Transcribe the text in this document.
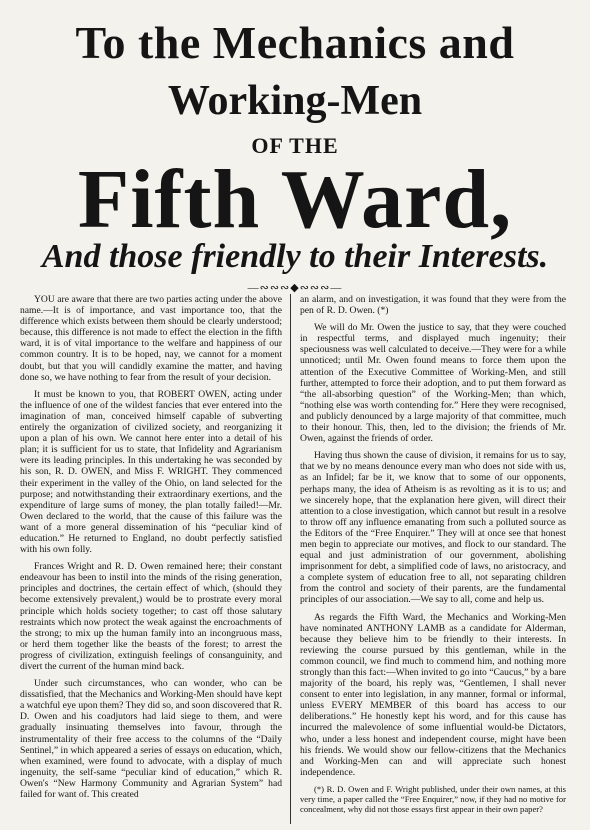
To the Mechanics and
Working-Men
OF THE
Fifth Ward,
And those friendly to their Interests.
—∾∾∾◆∾∾∾—

YOU are aware that there are two parties acting under the above name.—It is of importance, and vast importance too, that the difference which exists between them should be clearly understood; because, this difference is not made to effect the election in the fifth ward, it is of vital importance to the welfare and happiness of our common country. It is to be hoped, nay, we cannot for a moment doubt, but that you will candidly examine the matter, and having done so, we have nothing to fear from the result of your decision.

It must be known to you, that ROBERT OWEN, acting under the influence of one of the wildest fancies that ever entered into the imagination of man, conceived himself capable of subverting entirely the organization of civilized society, and reorganizing it upon a plan of his own. We cannot here enter into a detail of his plan; it is sufficient for us to state, that Infidelity and Agrarianism were its leading principles. In this undertaking he was seconded by his son, R. D. OWEN, and Miss F. WRIGHT. They commenced their experiment in the valley of the Ohio, on land selected for the purpose; and notwithstanding their extraordinary exertions, and the expenditure of large sums of money, the plan totally failed!—Mr. Owen declared to the world, that the cause of this failure was the want of a more general dissemination of his “peculiar kind of education.” He returned to England, no doubt perfectly satisfied with his own folly.

Frances Wright and R. D. Owen remained here; their constant endeavour has been to instil into the minds of the rising generation, principles and doctrines, the certain effect of which, (should they become extensively prevalent,) would be to prostrate every moral principle which holds society together; to cast off those salutary restraints which now protect the weak against the encroachments of the strong; to mix up the human family into an incongruous mass, or herd them together like the beasts of the forest; to arrest the progress of civilization, extinguish feelings of consanguinity, and divert the current of the human mind back.

Under such circumstances, who can wonder, who can be dissatisfied, that the Mechanics and Working-Men should have kept a watchful eye upon them? They did so, and soon discovered that R. D. Owen and his coadjutors had laid siege to them, and were gradually insinuating themselves into favour, through the instrumentality of their free access to the columns of the “Daily Sentinel,” in which appeared a series of essays on education, which, when examined, were found to advocate, with a display of much ingenuity, the self-same “peculiar kind of education,” which R. Owen's “New Harmony Community and Agrarian System” had failed for want of. This created

an alarm, and on investigation, it was found that they were from the pen of R. D. Owen. (*)

We will do Mr. Owen the justice to say, that they were couched in respectful terms, and displayed much ingenuity; their speciousness was well calculated to deceive.—They were for a while unnoticed; until Mr. Owen found means to force them upon the attention of the Executive Committee of Working-Men, and still further, attempted to force their adoption, and to put them forward as “the all-absorbing question” of the Working-Men; than which, “nothing else was worth contending for.” Here they were recognised, and publicly denounced by a large majority of that committee, much to their honour. This, then, led to the division; the friends of Mr. Owen, against the friends of order.

Having thus shown the cause of division, it remains for us to say, that we by no means denounce every man who does not side with us, as an Infidel; far be it, we know that to some of our opponents, perhaps many, the idea of Atheism is as revolting as it is to us; and we sincerely hope, that the explanation here given, will direct their attention to a close investigation, which cannot but result in a resolve to throw off any influence emanating from such a polluted source as the Editors of the “Free Enquirer.” They will at once see that honest men begin to appreciate our motives, and flock to our standard. The equal and just administration of our government, abolishing imprisonment for debt, a simplified code of laws, no aristocracy, and a complete system of education free to all, not separating children from the control and society of their parents, are the fundamental principles of our association.—We say to all, come and help us.

As regards the Fifth Ward, the Mechanics and Working-Men have nominated ANTHONY LAMB as a candidate for Alderman, because they believe him to be friendly to their interests. In reviewing the course pursued by this gentleman, while in the common council, we find much to commend him, and nothing more strongly than this fact:—When invited to go into “Caucus,” by a bare majority of the board, his reply was, “Gentlemen, I shall never consent to enter into legislation, in any manner, formal or informal, unless EVERY MEMBER of this board has access to our deliberations.” He honestly kept his word, and for this cause has incurred the malevolence of some influential would-be Dictators, who, under a less honest and independent course, might have been his friends. We would show our fellow-citizens that the Mechanics and Working-Men can and will appreciate such honest independence.

(*) R. D. Owen and F. Wright published, under their own names, at this very time, a paper called the “Free Enquirer,” now, if they had no motive for concealment, why did not those essays first appear in their own paper?
